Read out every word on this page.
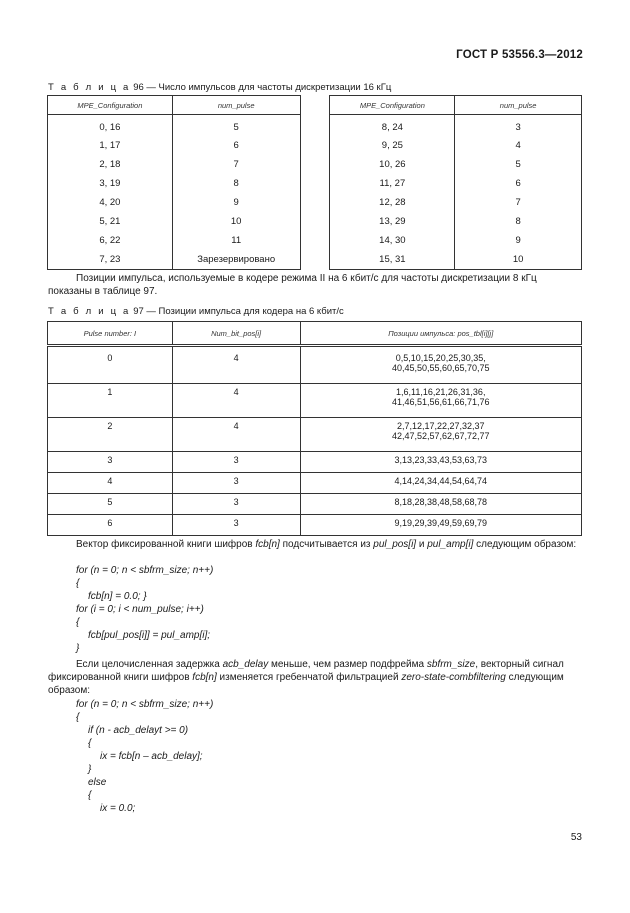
ГОСТ Р 53556.3—2012
Т а б л и ц а 96 — Число импульсов для частоты дискретизации 16 кГц
MPE_Configuration	num_pulse		MPE_Configuration	num_pulse
0, 16	5		8, 24	3
1, 17	6		9, 25	4
2, 18	7		10, 26	5
3, 19	8		11, 27	6
4, 20	9		12, 28	7
5, 21	10		13, 29	8
6, 22	11		14, 30	9
7, 23	Зарезервировано		15, 31	10
Позиции импульса, используемые в кодере режима II на 6 кбит/с для частоты дискретизации 8 кГц показаны в таблице 97.
Т а б л и ц а 97 — Позиции импульса для кодера на 6 кбит/с
Pulse number: I	Num_bit_pos[i]	Позиции импульса: pos_tbl[i][j]
0	4	0,5,10,15,20,25,30,35,
40,45,50,55,60,65,70,75

1	4	1,6,11,16,21,26,31,36,
41,46,51,56,61,66,71,76

2	4	2,7,12,17,22,27,32,37
42,47,52,57,62,67,72,77

3	3	3,13,23,33,43,53,63,73

4	3	4,14,24,34,44,54,64,74

5	3	8,18,28,38,48,58,68,78

6	3	9,19,29,39,49,59,69,79
Вектор фиксированной книги шифров fcb[n] подсчитывается из pul_pos[i] и pul_amp[i] следующим образом:
for (n = 0; n < sbfrm_size; n++)
{
fcb[n] = 0.0; }
for (i = 0; i < num_pulse; i++)
{
fcb[pul_pos[i]] = pul_amp[i];
}
Если целочисленная задержка acb_delay меньше, чем размер подфрейма sbfrm_size, векторный сигнал фиксированной книги шифров fcb[n] изменяется гребенчатой фильтрацией zero-state-combfiltering следующим образом:
for (n = 0; n < sbfrm_size; n++)
{
if (n - acb_delayt >= 0)
{
ix = fcb[n – acb_delay];
}
else
{
ix = 0.0;
53
